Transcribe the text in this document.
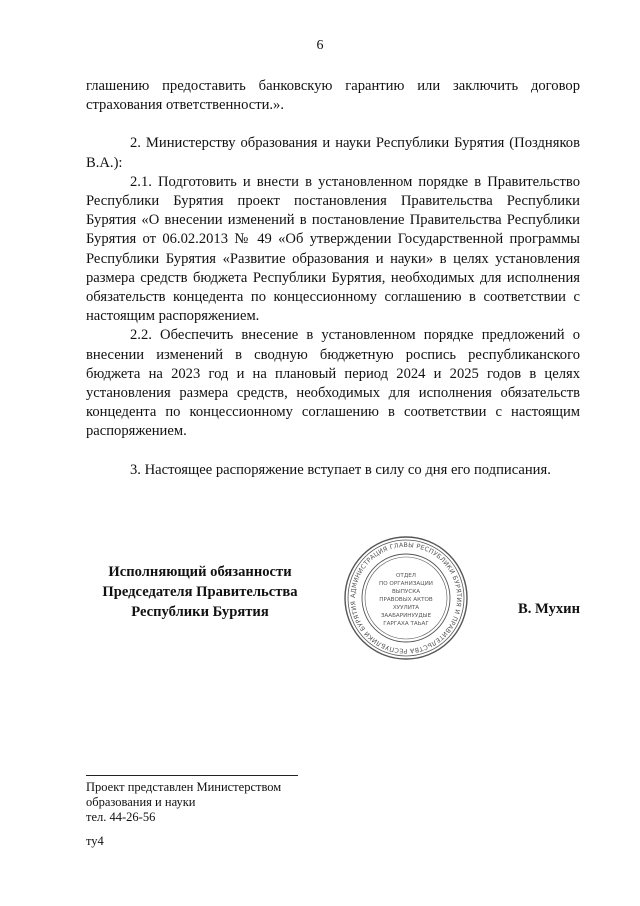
6

глашению предоставить банковскую гарантию или заключить договор страхования ответственности.».

2. Министерству образования и науки Республики Бурятия (Поздняков В.А.):

2.1. Подготовить и внести в установленном порядке в Правительство Республики Бурятия проект постановления Правительства Республики Бурятия «О внесении изменений в постановление Правительства Республики Бурятия от 06.02.2013 № 49 «Об утверждении Государственной программы Республики Бурятия «Развитие образования и науки» в целях установления размера средств бюджета Республики Бурятия, необходимых для исполнения обязательств концедента по концессионному соглашению в соответствии с настоящим распоряжением.

2.2. Обеспечить внесение в установленном порядке предложений о внесении изменений в сводную бюджетную роспись республиканского бюджета на 2023 год и на плановый период 2024 и 2025 годов в целях установления размера средств, необходимых для исполнения обязательств концедента по концессионному соглашению в соответствии с настоящим распоряжением.

3. Настоящее распоряжение вступает в силу со дня его подписания.

Исполняющий обязанности
Председателя Правительства
Республики Бурятия
АДМИНИСТРАЦИЯ ГЛАВЫ РЕСПУБЛИКИ БУРЯТИЯ И ПРАВИТЕЛЬСТВА РЕСПУБЛИКИ БУРЯТИЯ
ОТДЕЛ
ПО ОРГАНИЗАЦИИ
ВЫПУСКА
ПРАВОВЫХ АКТОВ
ХУУЛИТА
ЗААБАРИНУУДЫЕ
ГАРГАХА ТАЬАГ
В. Мухин
Проект представлен Министерством
образования и науки
тел. 44-26-56
ту4
